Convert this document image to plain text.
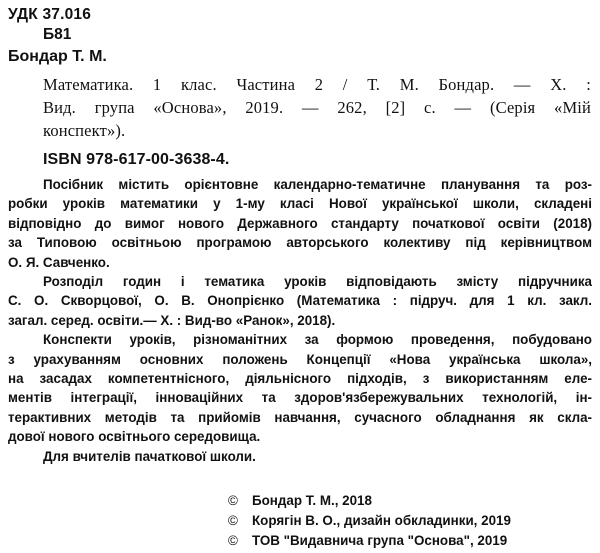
УДК 37.016
Б81
Бондар Т. М.
Математика. 1 клас. Частина 2 / Т. М. Бондар. — Х. :
Вид. група «Основа», 2019. — 262, [2] с. — (Серія «Мій
конспект»).
ISBN 978-617-00-3638-4.
Посібник містить орієнтовне календарно-тематичне планування та роз-
робки уроків математики у 1-му класі Нової української школи, складені
відповідно до вимог нового Державного стандарту початкової освіти (2018)
за Типовою освітньою програмою авторського колективу під керівництвом
О. Я. Савченко.
Розподіл годин і тематика уроків відповідають змісту підручника
С. О. Скворцової, О. В. Онопрієнко (Математика : підруч. для 1 кл. закл.
загал. серед. освіти.— Х. : Вид-во «Ранок», 2018).
Конспекти уроків, різноманітних за формою проведення, побудовано
з урахуванням основних положень Концепції «Нова українська школа»,
на засадах компетентнісного, діяльнісного підходів, з використанням еле-
ментів інтеграції, інноваційних та здоров'язбережувальних технологій, ін-
терактивних методів та прийомів навчання, сучасного обладнання як скла-
дової нового освітнього середовища.
Для вчителів пачаткової школи.
© Бондар Т. М., 2018
© Корягін В. О., дизайн обкладинки, 2019
© ТОВ "Видавнича група "Основа", 2019
